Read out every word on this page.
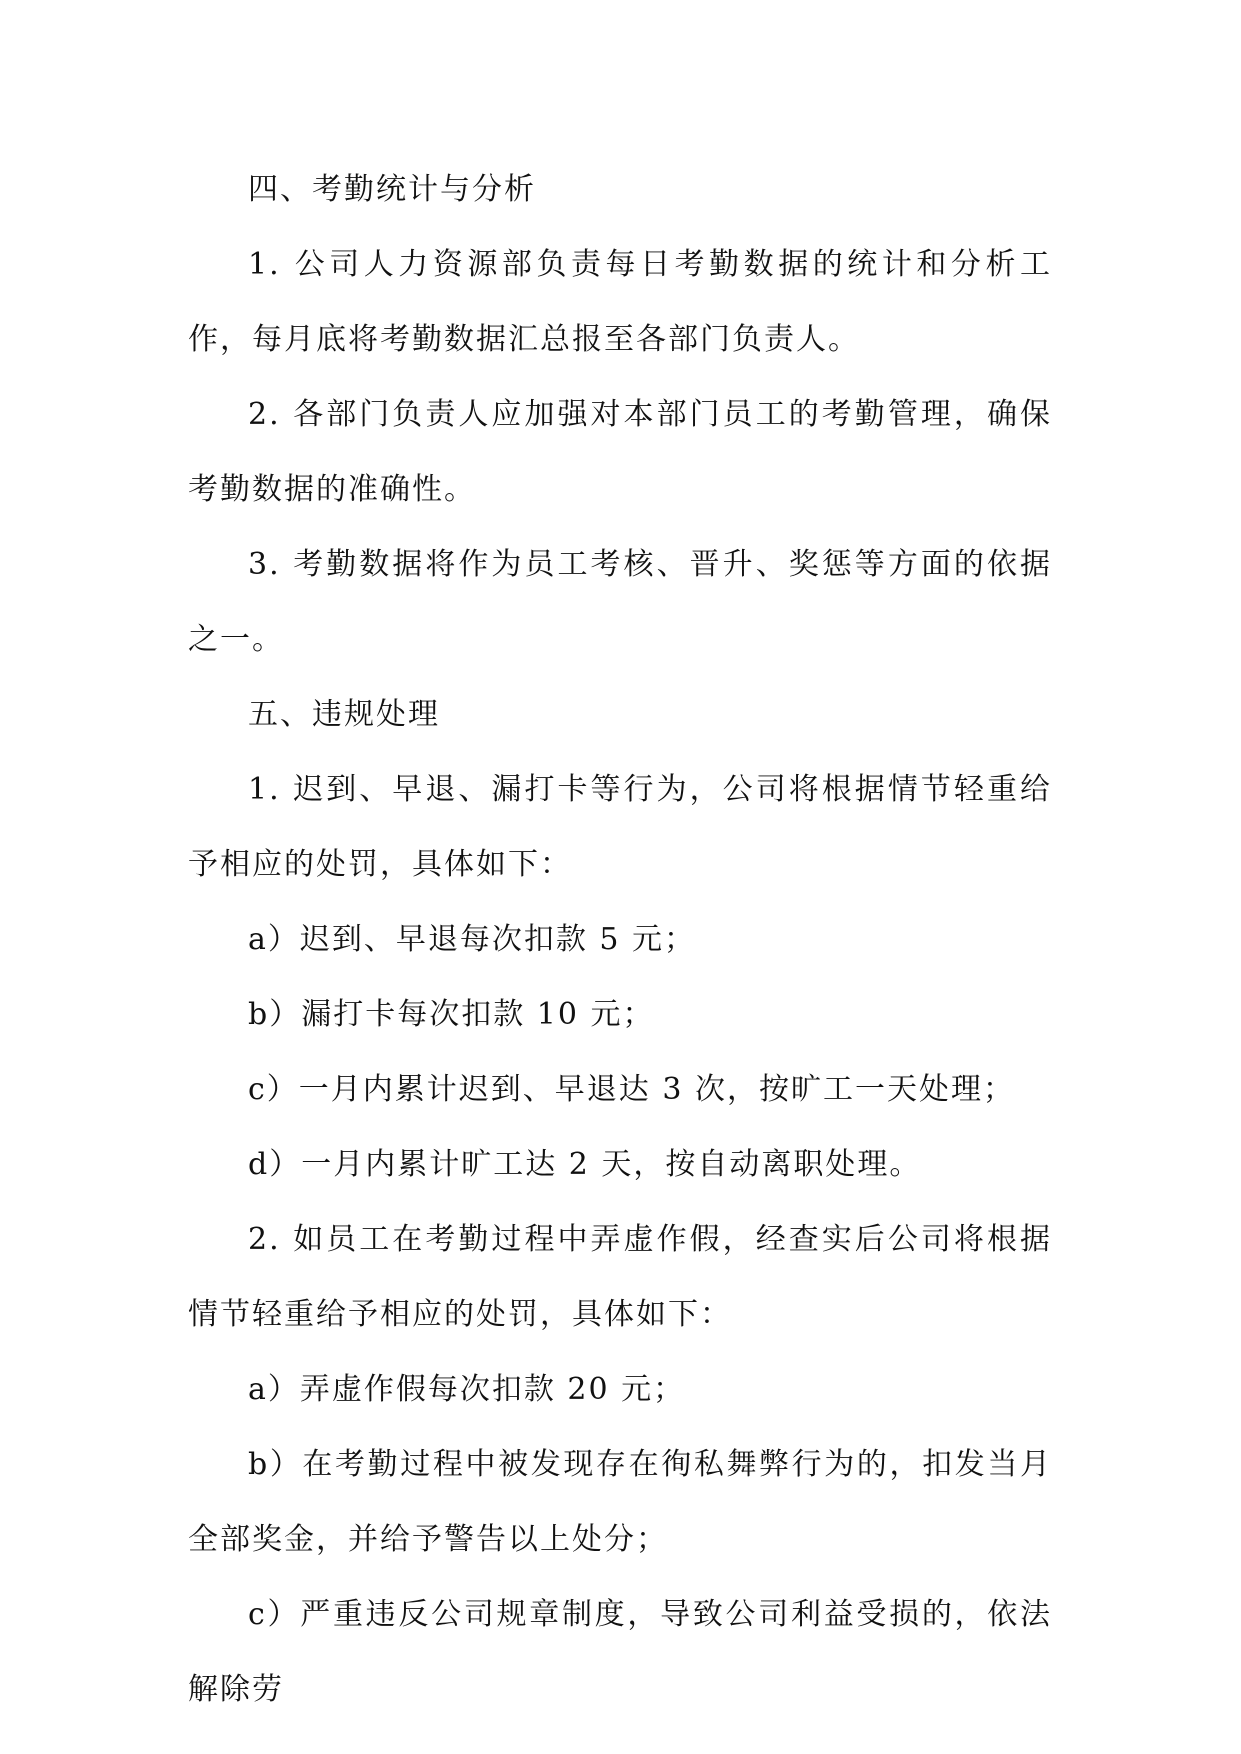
四、考勤统计与分析

1. 公司人力资源部负责每日考勤数据的统计和分析工作，每月底将考勤数据汇总报至各部门负责人。

2. 各部门负责人应加强对本部门员工的考勤管理，确保考勤数据的准确性。

3. 考勤数据将作为员工考核、晋升、奖惩等方面的依据之一。

五、违规处理

1. 迟到、早退、漏打卡等行为，公司将根据情节轻重给予相应的处罚，具体如下：

a）迟到、早退每次扣款 5 元；

b）漏打卡每次扣款 10 元；

c）一月内累计迟到、早退达 3 次，按旷工一天处理；

d）一月内累计旷工达 2 天，按自动离职处理。

2. 如员工在考勤过程中弄虚作假，经查实后公司将根据情节轻重给予相应的处罚，具体如下：

a）弄虚作假每次扣款 20 元；

b）在考勤过程中被发现存在徇私舞弊行为的，扣发当月全部奖金，并给予警告以上处分；

c）严重违反公司规章制度，导致公司利益受损的，依法解除劳
